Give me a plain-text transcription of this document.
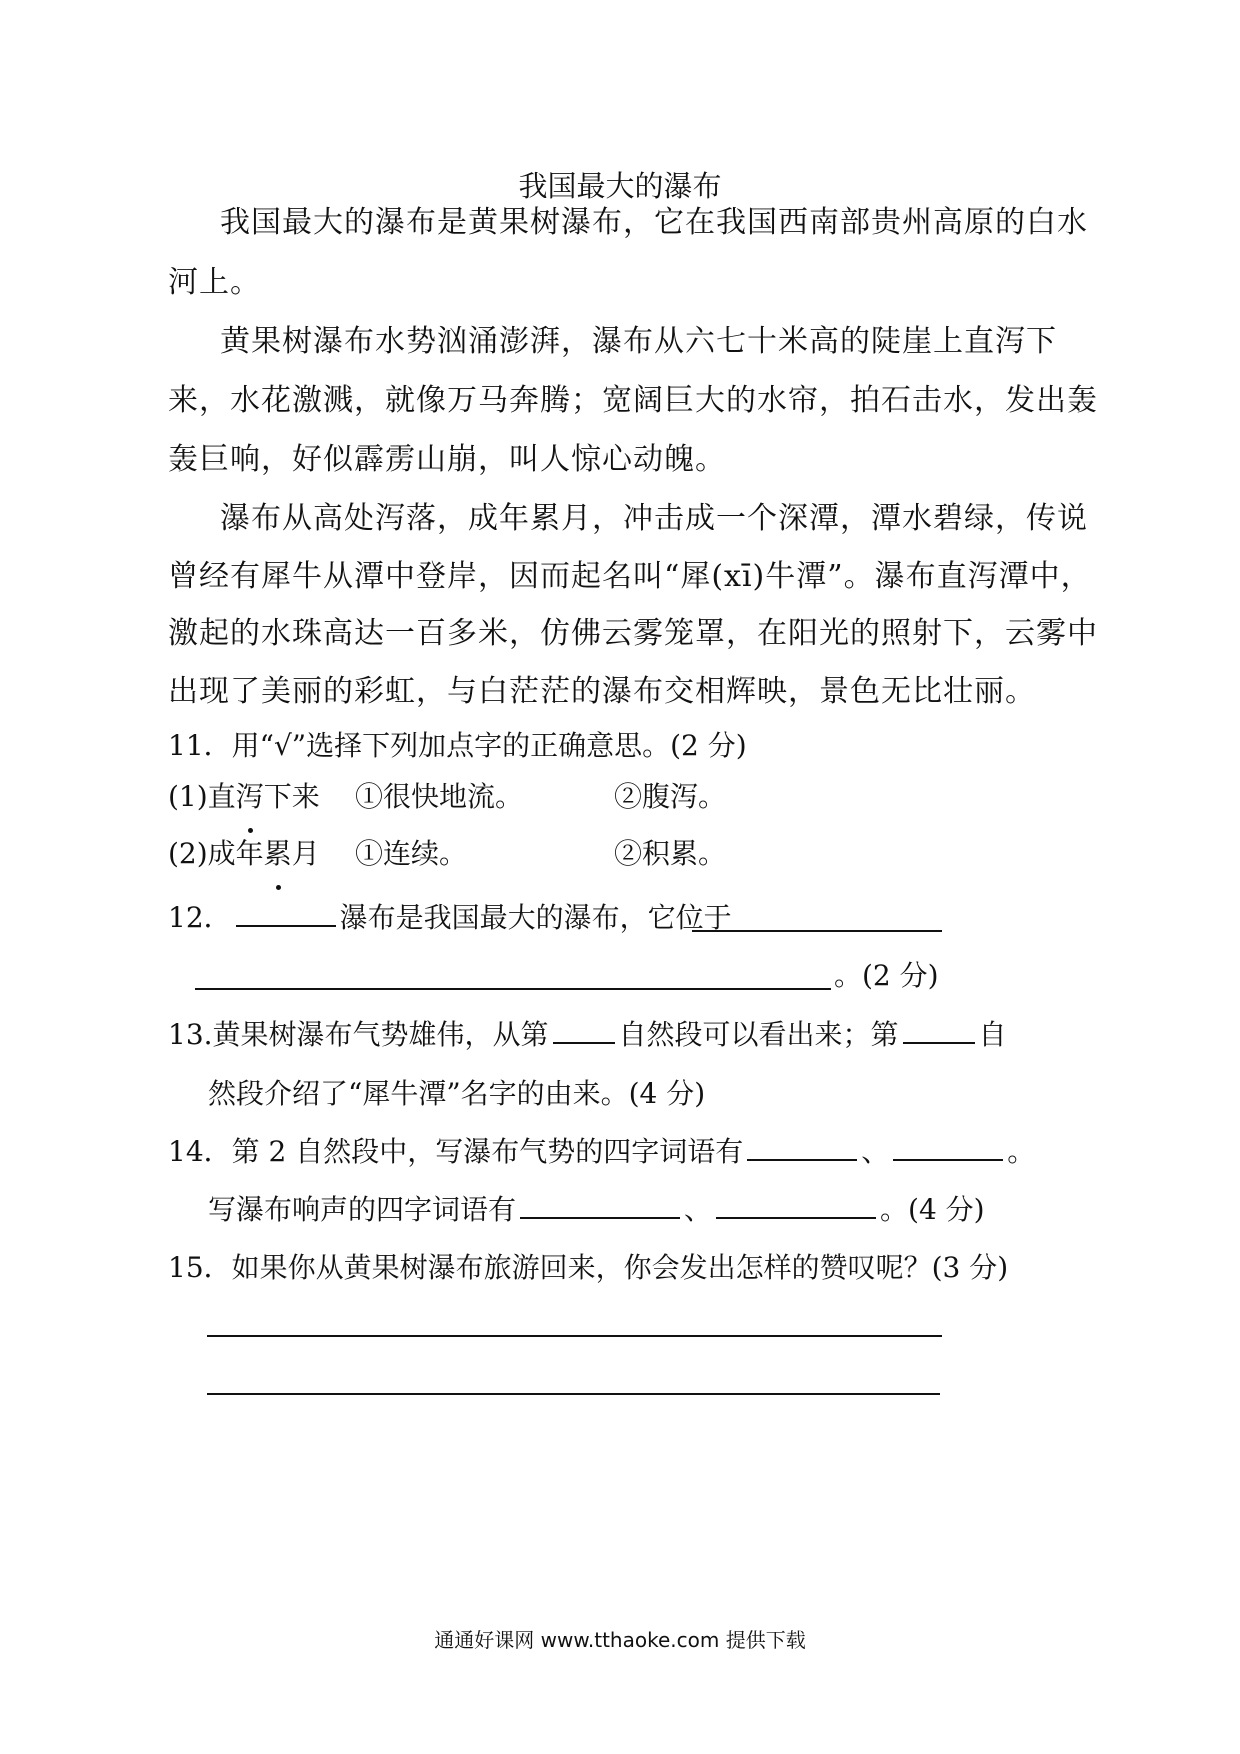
我国最大的瀑布
我国最大的瀑布是黄果树瀑布，它在我国西南部贵州高原的白水
河上。
黄果树瀑布水势汹涌澎湃，瀑布从六七十米高的陡崖上直泻下
来，水花激溅，就像万马奔腾；宽阔巨大的水帘，拍石击水，发出轰
轰巨响，好似霹雳山崩，叫人惊心动魄。
瀑布从高处泻落，成年累月，冲击成一个深潭，潭水碧绿，传说
曾经有犀牛从潭中登岸，因而起名叫“犀(xī)牛潭”。瀑布直泻潭中，
激起的水珠高达一百多米，仿佛云雾笼罩，在阳光的照射下，云雾中
出现了美丽的彩虹，与白茫茫的瀑布交相辉映，景色无比壮丽。
11．用“√”选择下列加点字的正确意思。(2 分)
(1)直泻下来 ①很快地流。	②腹泻。
(2)成年累月 ①连续。	②积累。
12．	瀑布是我国最大的瀑布，它位于
。(2 分)
13.黄果树瀑布气势雄伟，从第	自然段可以看出来；第	自
然段介绍了“犀牛潭”名字的由来。(4 分)
14．第 2 自然段中，写瀑布气势的四字词语有	、	。
写瀑布响声的四字词语有	、	。(4 分)
15．如果你从黄果树瀑布旅游回来，你会发出怎样的赞叹呢？(3 分)
通通好课网 www.tthaoke.com 提供下载
